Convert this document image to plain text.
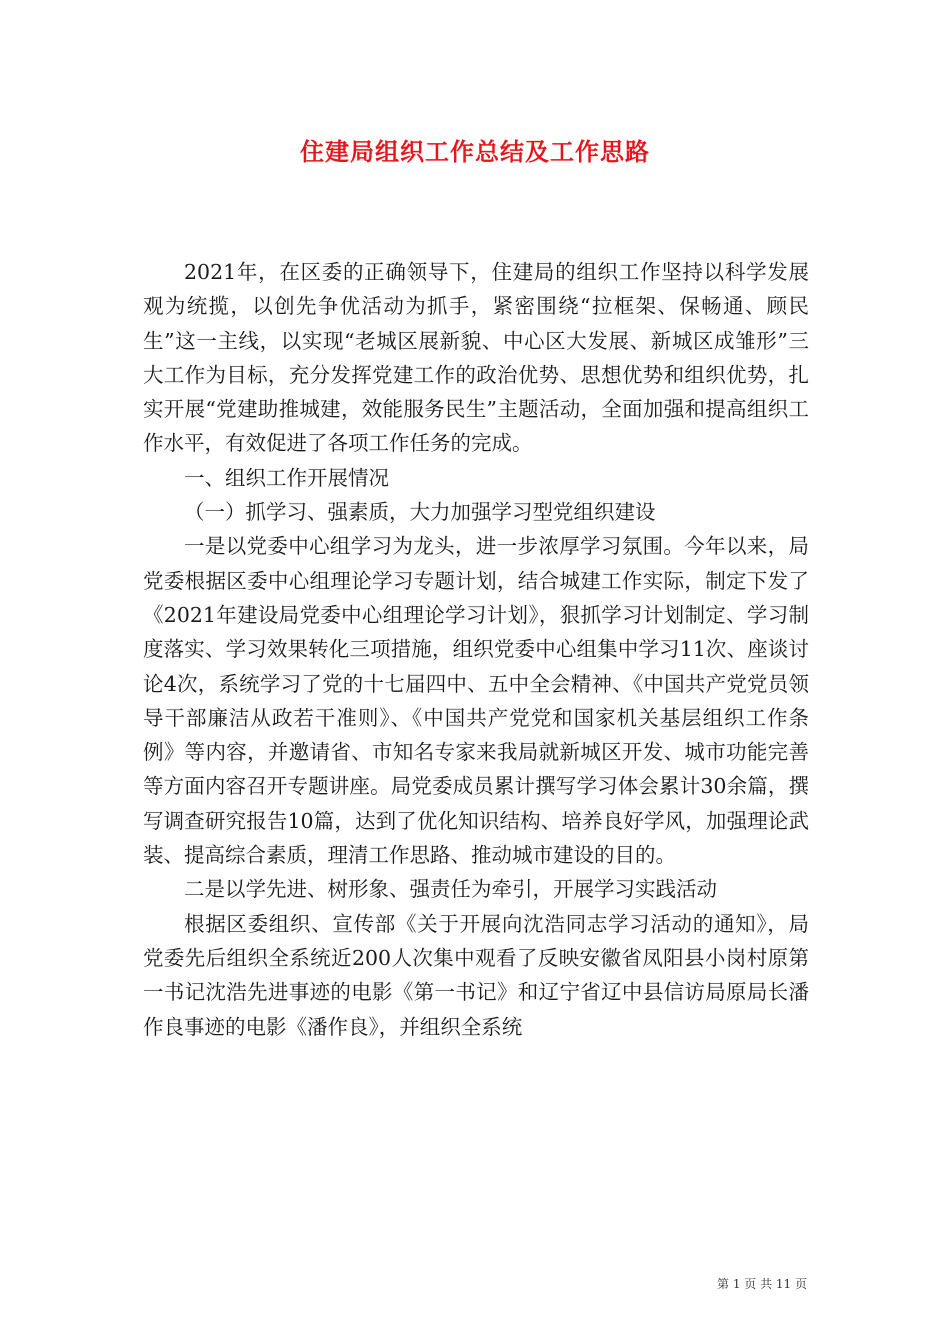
住建局组织工作总结及工作思路

2021年，在区委的正确领导下，住建局的组织工作坚持以科学发展观为统揽，以创先争优活动为抓手，紧密围绕“拉框架、保畅通、顾民生”这一主线，以实现“老城区展新貌、中心区大发展、新城区成雏形”三大工作为目标，充分发挥党建工作的政治优势、思想优势和组织优势，扎实开展“党建助推城建，效能服务民生”主题活动，全面加强和提高组织工作水平，有效促进了各项工作任务的完成。

一、组织工作开展情况

（一）抓学习、强素质，大力加强学习型党组织建设

一是以党委中心组学习为龙头，进一步浓厚学习氛围。今年以来，局党委根据区委中心组理论学习专题计划，结合城建工作实际，制定下发了《2021年建设局党委中心组理论学习计划》，狠抓学习计划制定、学习制度落实、学习效果转化三项措施，组织党委中心组集中学习11次、座谈讨论4次，系统学习了党的十七届四中、五中全会精神、《中国共产党党员领导干部廉洁从政若干准则》、《中国共产党党和国家机关基层组织工作条例》等内容，并邀请省、市知名专家来我局就新城区开发、城市功能完善等方面内容召开专题讲座。局党委成员累计撰写学习体会累计30余篇，撰写调查研究报告10篇，达到了优化知识结构、培养良好学风，加强理论武装、提高综合素质，理清工作思路、推动城市建设的目的。

二是以学先进、树形象、强责任为牵引，开展学习实践活动

根据区委组织、宣传部《关于开展向沈浩同志学习活动的通知》，局党委先后组织全系统近200人次集中观看了反映安徽省凤阳县小岗村原第一书记沈浩先进事迹的电影《第一书记》和辽宁省辽中县信访局原局长潘作良事迹的电影《潘作良》，并组织全系统

第 1 页 共 11 页
